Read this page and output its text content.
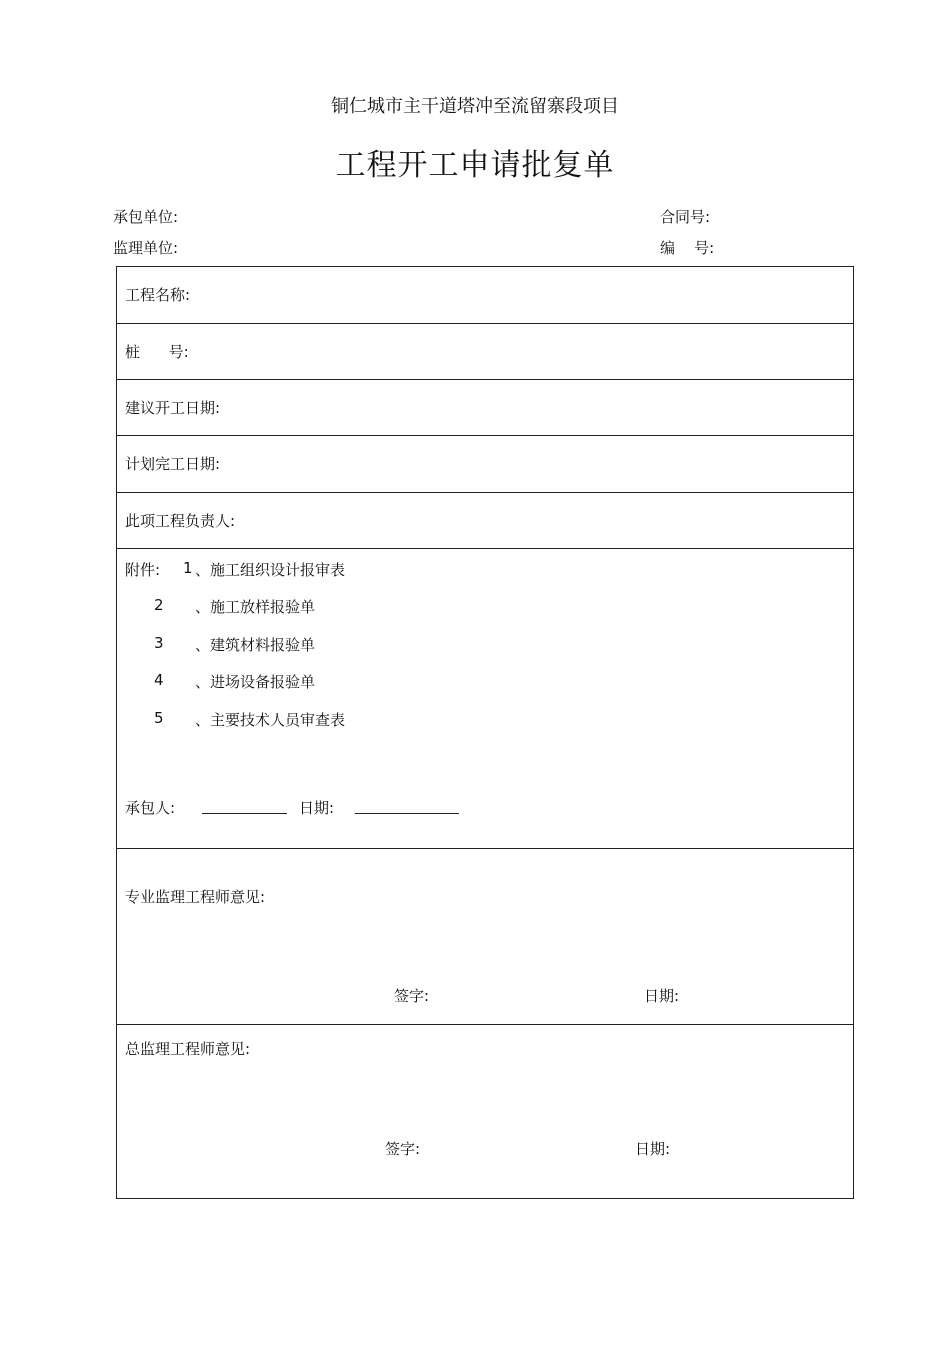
铜仁城市主干道塔冲至流留寨段项目
工程开工申请批复单
承包单位:	合同号:
监理单位:	编    号:
工程名称:
桩      号:
建议开工日期:
计划完工日期:
此项工程负责人:
附件: 1 、施工组织设计报审表
2 、施工放样报验单
3 、建筑材料报验单
4 、进场设备报验单
5 、主要技术人员审查表
承包人:	日期:
专业监理工程师意见:
签字:	日期:
总监理工程师意见:
签字:	日期:
